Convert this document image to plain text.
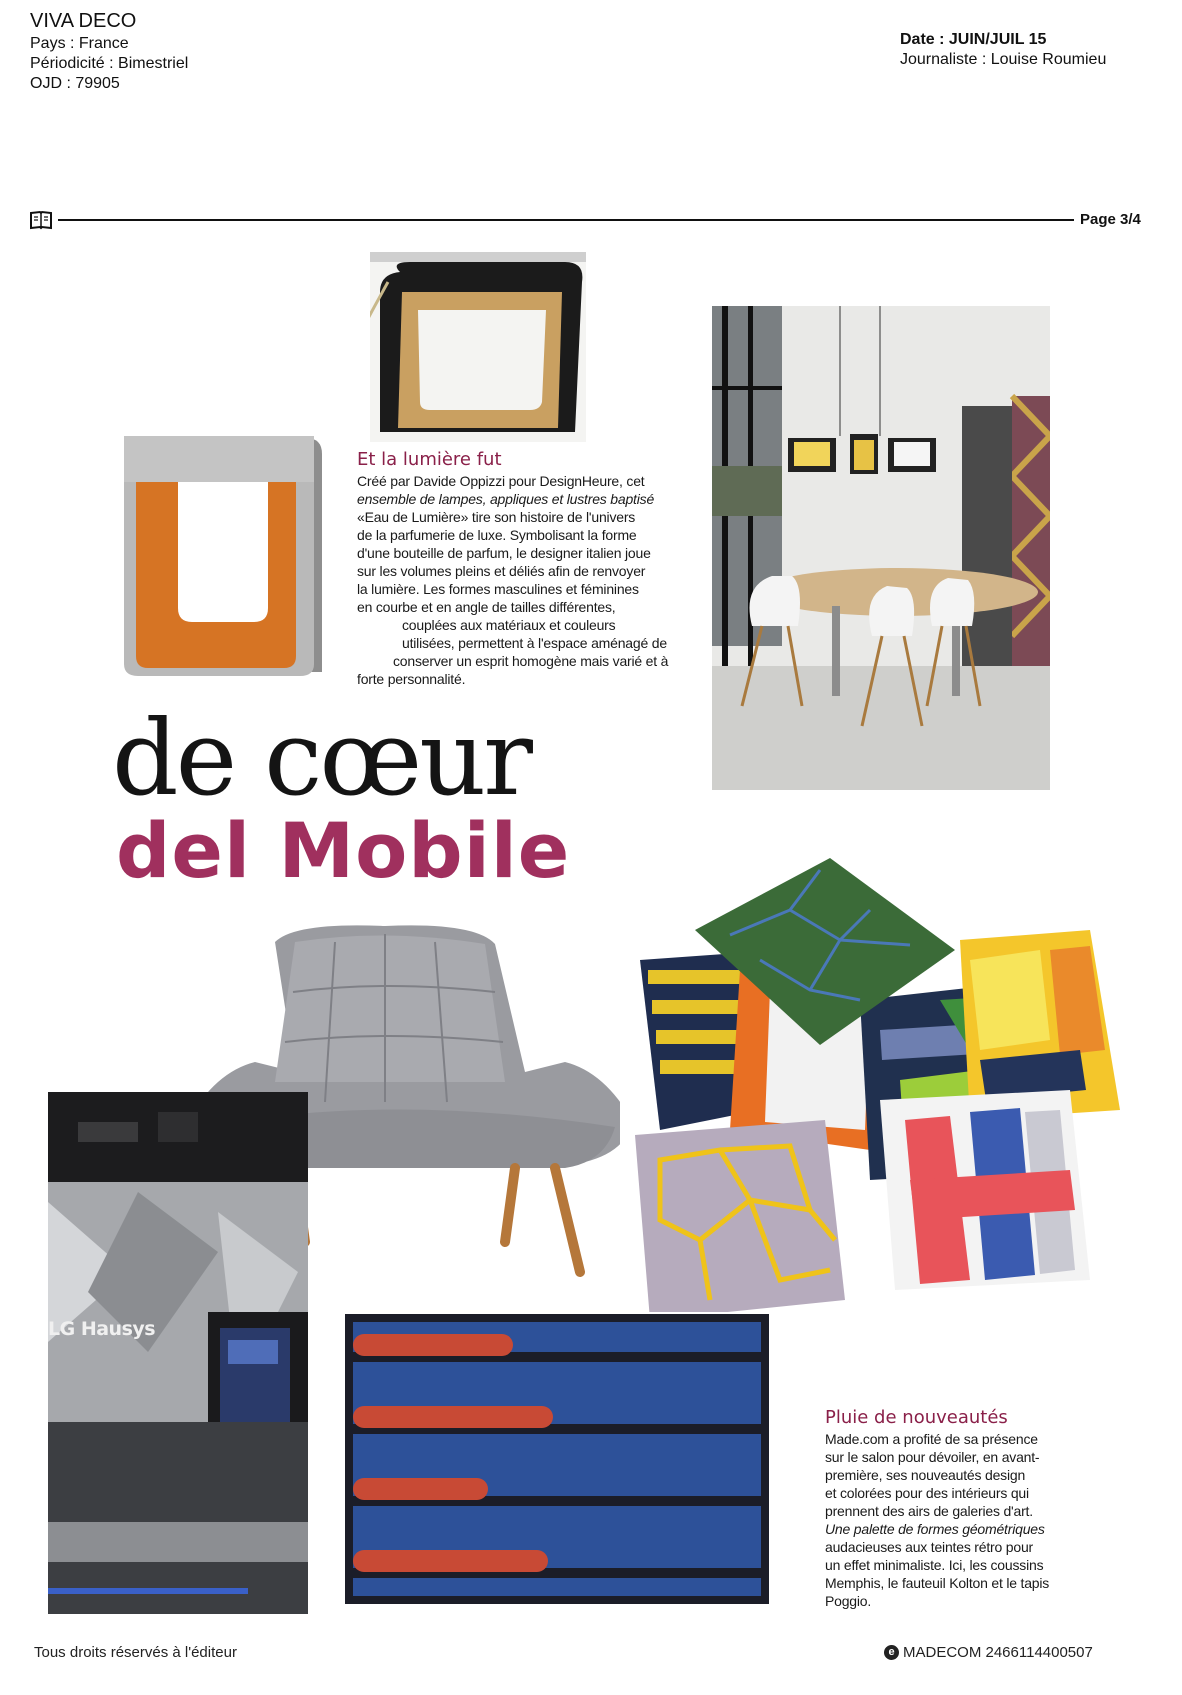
VIVA DECO
Pays : France
Périodicité : Bimestriel
OJD : 79905
Date : JUIN/JUIL 15
Journaliste : Louise Roumieu
Page 3/4
Et la lumière fut

Créé par Davide Oppizzi pour DesignHeure, cet

ensemble de lampes, appliques et lustres baptisé

«Eau de Lumière» tire son histoire de l'univers

de la parfumerie de luxe. Symbolisant la forme

d'une bouteille de parfum, le designer italien joue

sur les volumes pleins et déliés afin de renvoyer

la lumière. Les formes masculines et féminines

en courbe et en angle de tailles différentes,

couplées aux matériaux et couleurs

utilisées, permettent à l'espace aménagé de

conserver un esprit homogène mais varié et à

forte personnalité.

de cœur
del Mobile
LG Hausys
Pluie de nouveautés

Made.com a profité de sa présence

sur le salon pour dévoiler, en avant-

première, ses nouveautés design

et colorées pour des intérieurs qui

prennent des airs de galeries d'art.

Une palette de formes géométriques

audacieuses aux teintes rétro pour

un effet minimaliste. Ici, les coussins

Memphis, le fauteuil Kolton et le tapis

Poggio.

Tous droits réservés à l'éditeur	e MADECOM 2466114400507
